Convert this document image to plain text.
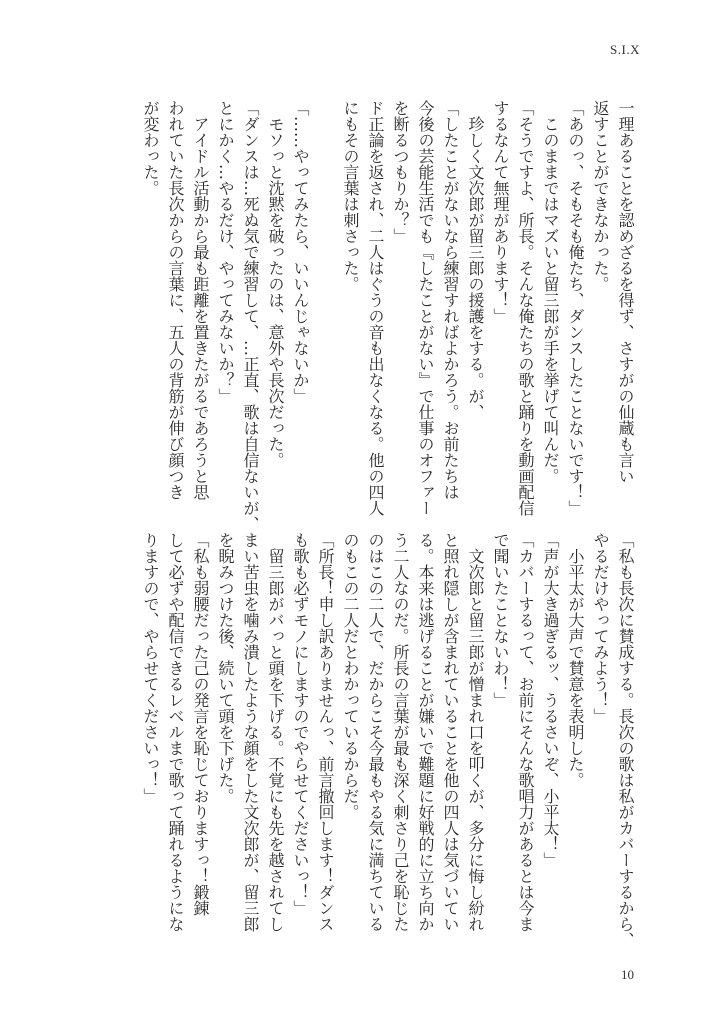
S.I.X

一理あることを認めざるを得ず、さすがの仙蔵も言い

返すことができなかった。

「あのっ、そもそも俺たち、ダンスしたことないです！」

　このままではマズいと留三郎が手を挙げて叫んだ。

「そうですよ、所長。そんな俺たちの歌と踊りを動画配信

するなんて無理があります！」

　珍しく文次郎が留三郎の援護をする。が、

「したことがないなら練習すればよかろう。お前たちは

今後の芸能生活でも『したことがない』で仕事のオファー

を断るつもりか？」

ド正論を返され、二人はぐうの音も出なくなる。他の四人

にもその言葉は刺さった。

「……やってみたら、いいんじゃないか」

　モソっと沈黙を破ったのは、意外や長次だった。

「ダンスは…死ぬ気で練習して、…正直、歌は自信ないが、

とにかく…やるだけ、やってみないか？」

　アイドル活動から最も距離を置きたがるであろうと思

われていた長次からの言葉に、五人の背筋が伸び顔つき

が変わった。

「私も長次に賛成する。長次の歌は私がカバーするから、

やるだけやってみよう！」

　小平太が大声で賛意を表明した。

「声が大き過ぎるッ、うるさいぞ、小平太！」

「カバーするって、お前にそんな歌唱力があるとは今ま

で聞いたことないわ！」

　文次郎と留三郎が憎まれ口を叩くが、多分に悔し紛れ

と照れ隠しが含まれていることを他の四人は気づいてい

る。本来は逃げることが嫌いで難題に好戦的に立ち向か

う二人なのだ。所長の言葉が最も深く刺さり己を恥じた

のはこの二人で、だからこそ今最もやる気に満ちている

のもこの二人だとわかっているからだ。

「所長！申し訳ありませんっ、前言撤回します！ダンス

も歌も必ずモノにしますのでやらせてくださいっ！」

　留三郎がバっと頭を下げる。不覚にも先を越されてし

まい苦虫を噛み潰したような顔をした文次郎が、留三郎

を睨みつけた後、続いて頭を下げた。

「私も弱腰だった己の発言を恥じておりますっ！鍛錬

して必ずや配信できるレベルまで歌って踊れるようにな

りますので、やらせてくださいっ！」

10
